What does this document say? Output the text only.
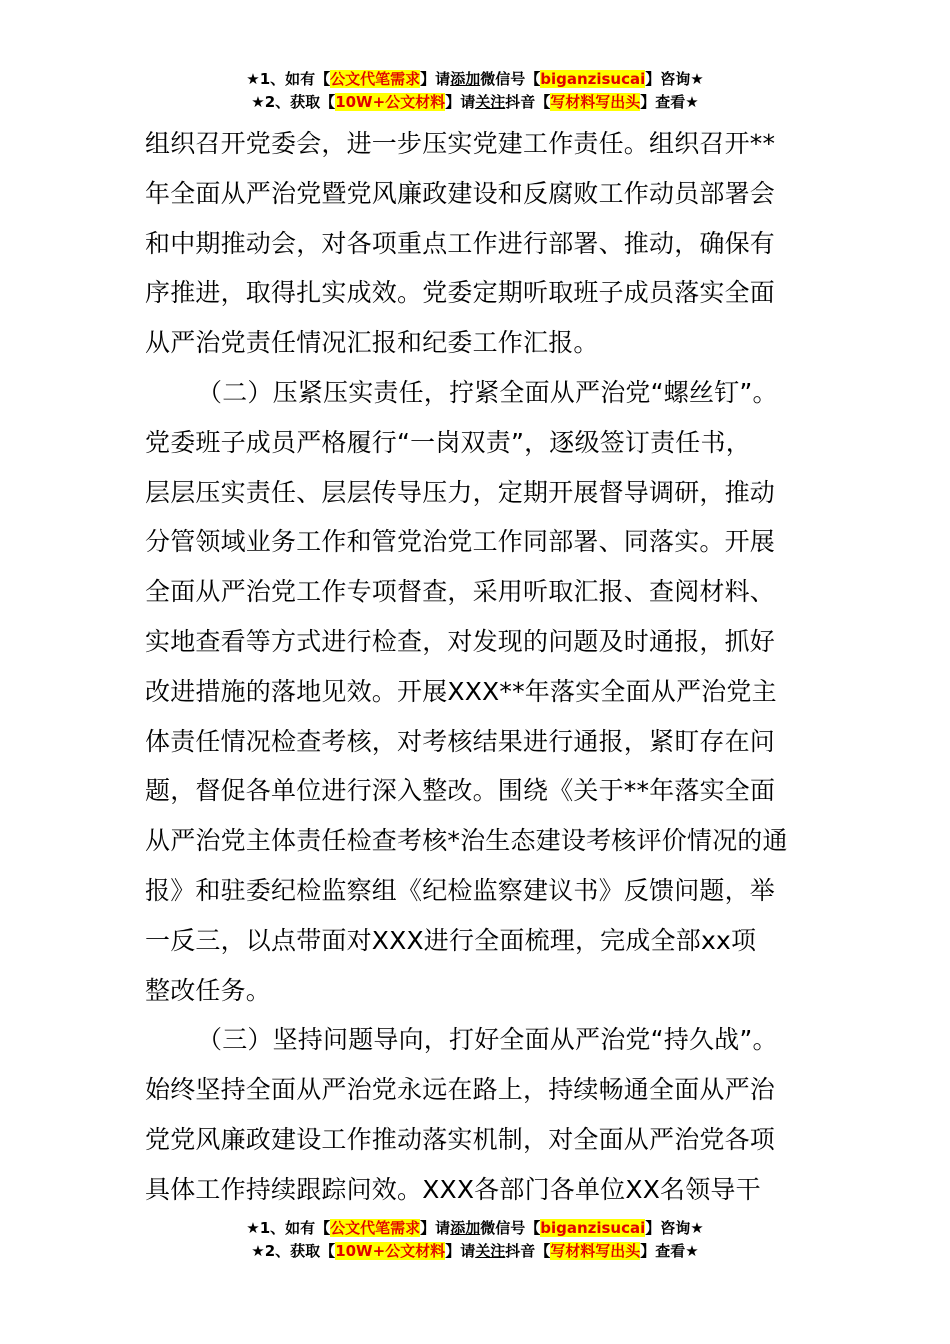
★1、如有【公文代笔需求】请添加微信号【biganzisucai】咨询★
★2、获取【10W+公文材料】请关注抖音【写材料写出头】查看★
组织召开党委会，进一步压实党建工作责任。组织召开**
年全面从严治党暨党风廉政建设和反腐败工作动员部署会
和中期推动会，对各项重点工作进行部署、推动，确保有
序推进，取得扎实成效。党委定期听取班子成员落实全面
从严治党责任情况汇报和纪委工作汇报。
（二）压紧压实责任，拧紧全面从严治党“螺丝钉”。
党委班子成员严格履行“一岗双责”，逐级签订责任书，
层层压实责任、层层传导压力，定期开展督导调研，推动
分管领域业务工作和管党治党工作同部署、同落实。开展
全面从严治党工作专项督查，采用听取汇报、查阅材料、
实地查看等方式进行检查，对发现的问题及时通报，抓好
改进措施的落地见效。开展XXX**年落实全面从严治党主
体责任情况检查考核，对考核结果进行通报，紧盯存在问
题，督促各单位进行深入整改。围绕《关于**年落实全面
从严治党主体责任检查考核*治生态建设考核评价情况的通
报》和驻委纪检监察组《纪检监察建议书》反馈问题，举
一反三，以点带面对XXX进行全面梳理，完成全部xx项
整改任务。
（三）坚持问题导向，打好全面从严治党“持久战”。
始终坚持全面从严治党永远在路上，持续畅通全面从严治
党党风廉政建设工作推动落实机制，对全面从严治党各项
具体工作持续跟踪问效。XXX各部门各单位XX名领导干
★1、如有【公文代笔需求】请添加微信号【biganzisucai】咨询★
★2、获取【10W+公文材料】请关注抖音【写材料写出头】查看★
